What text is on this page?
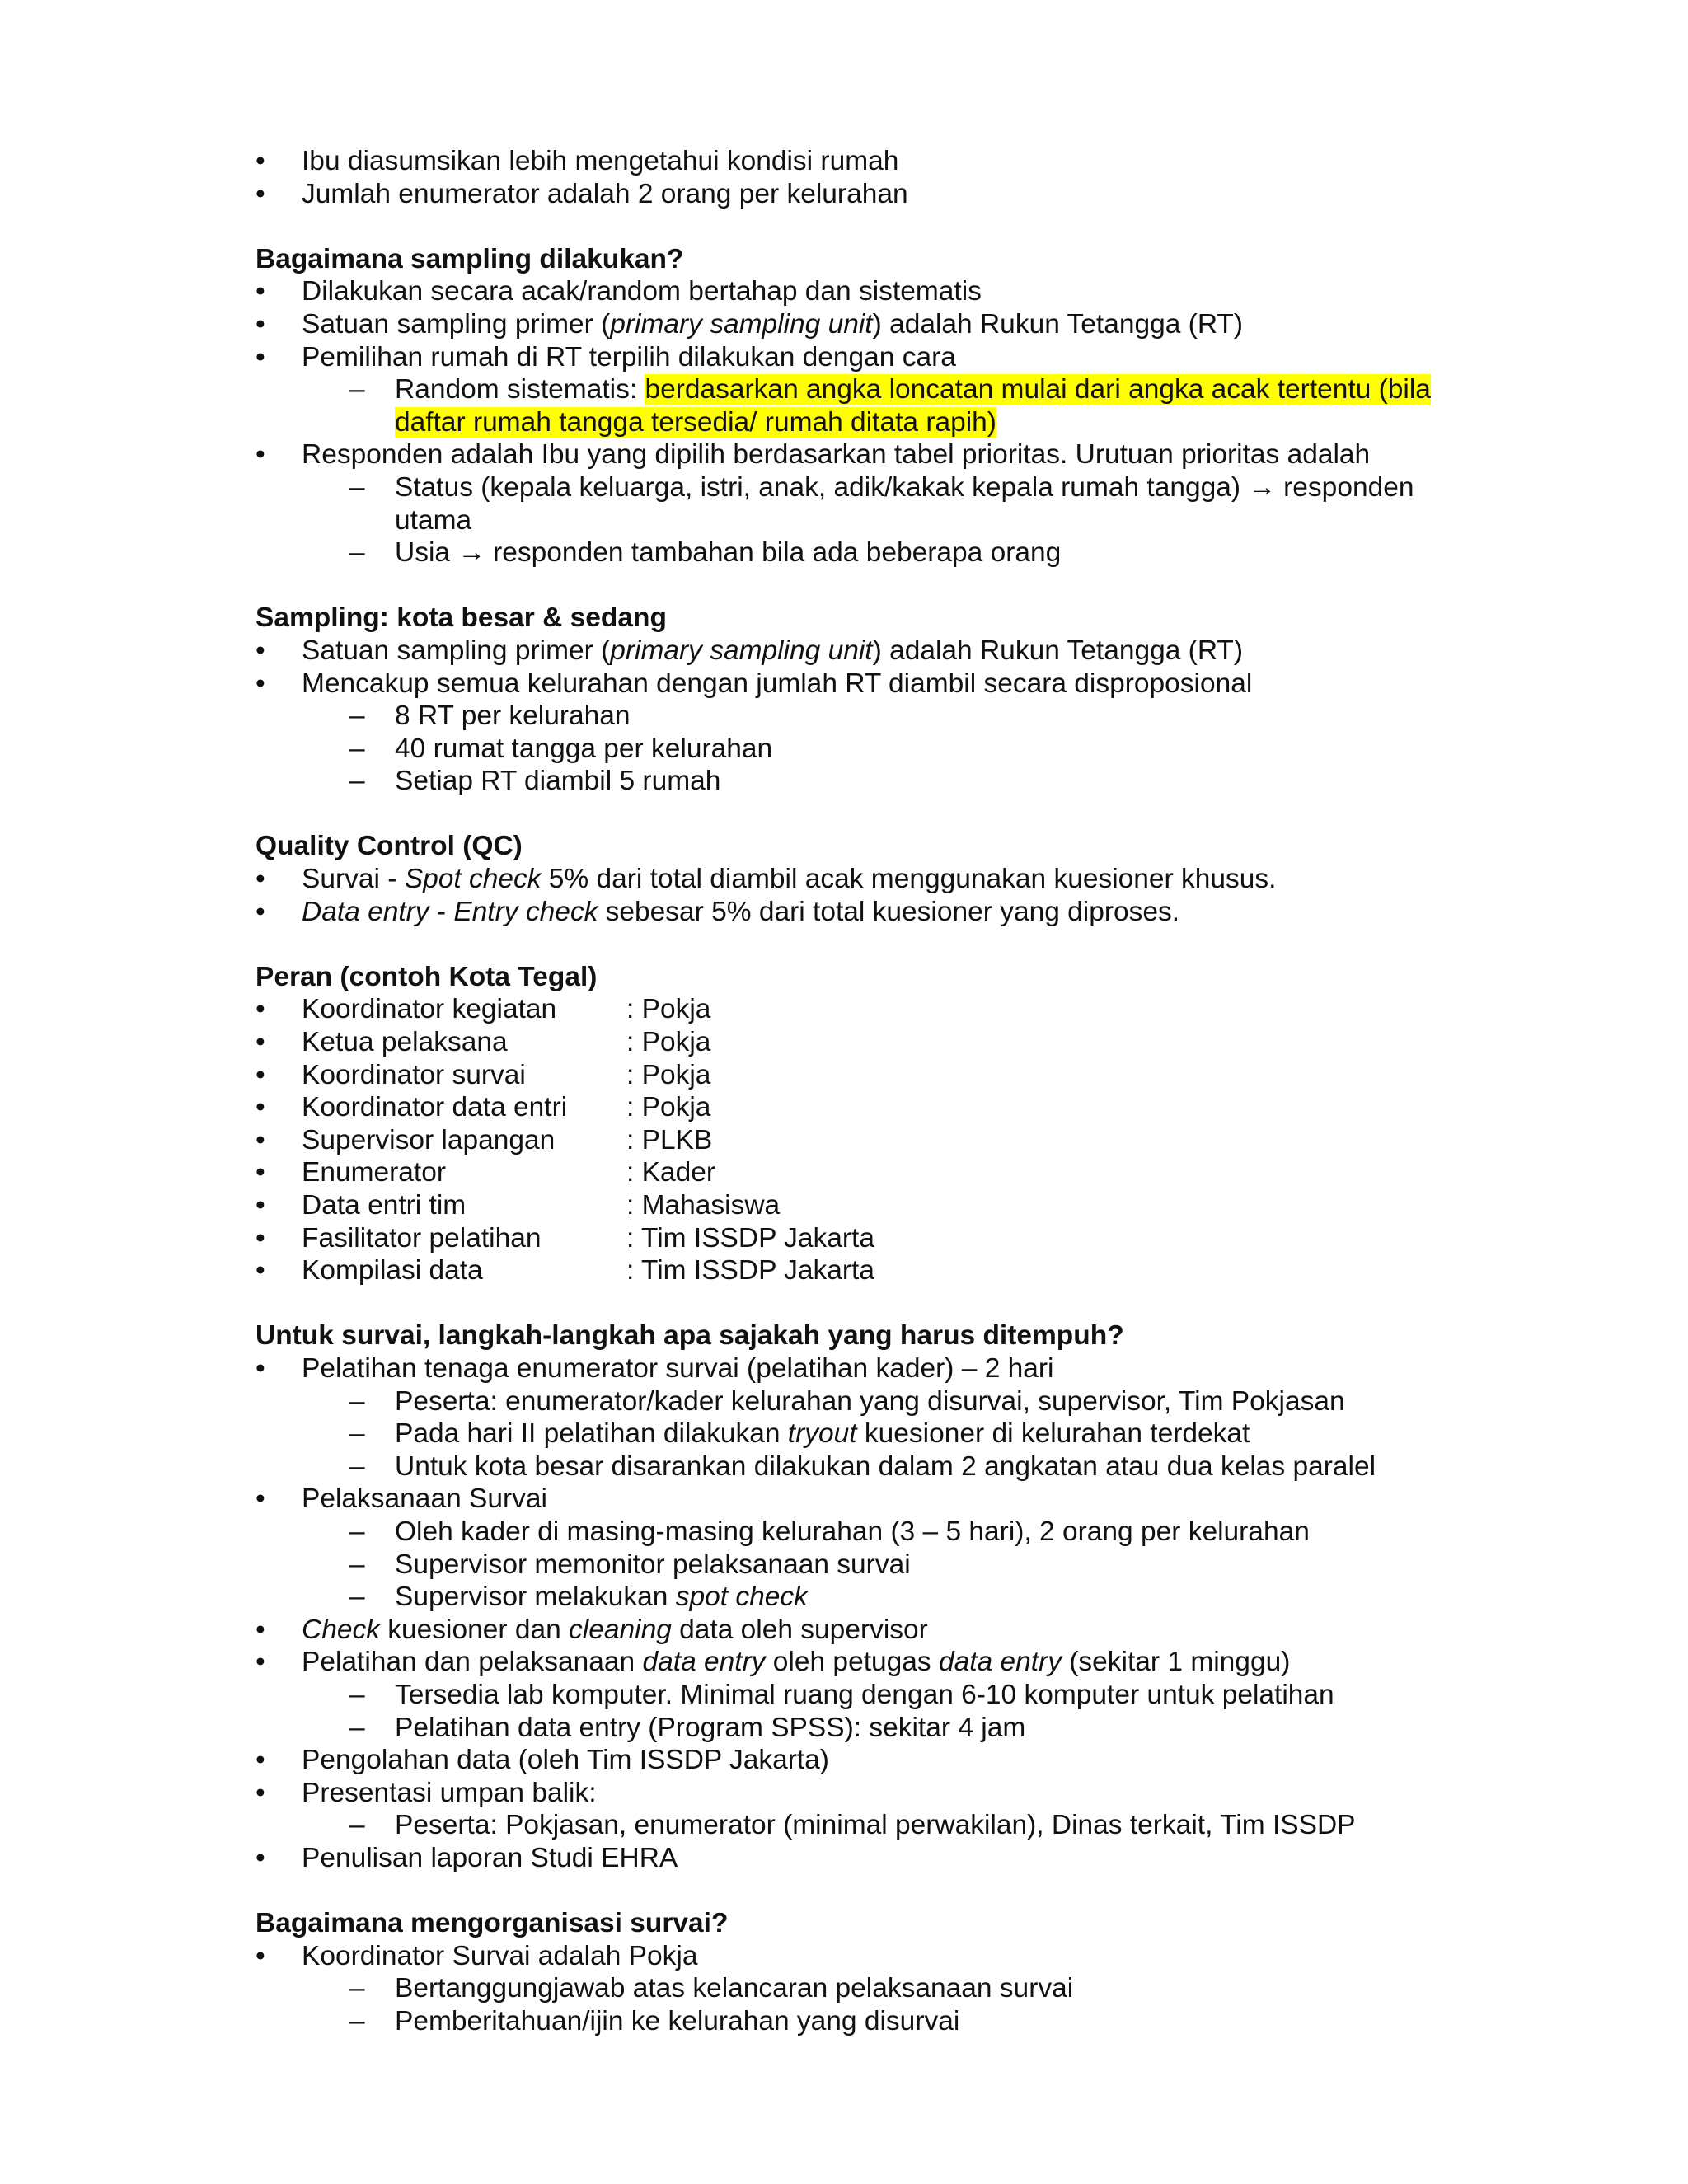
• Ibu diasumsikan lebih mengetahui kondisi rumah
• Jumlah enumerator adalah 2 orang per kelurahan
Bagaimana sampling dilakukan?
• Dilakukan secara acak/random bertahap dan sistematis
• Satuan sampling primer (primary sampling unit) adalah Rukun Tetangga (RT)
• Pemilihan rumah di RT terpilih dilakukan dengan cara
– Random sistematis: berdasarkan angka loncatan mulai dari angka acak tertentu (bila daftar rumah tangga tersedia/ rumah ditata rapih)
• Responden adalah Ibu yang dipilih berdasarkan tabel prioritas. Urutuan prioritas adalah
– Status (kepala keluarga, istri, anak, adik/kakak kepala rumah tangga) → responden utama
– Usia → responden tambahan bila ada beberapa orang
Sampling: kota besar & sedang
• Satuan sampling primer (primary sampling unit) adalah Rukun Tetangga (RT)
• Mencakup semua kelurahan dengan jumlah RT diambil secara disproposional
– 8 RT per kelurahan
– 40 rumat tangga per kelurahan
– Setiap RT diambil 5 rumah
Quality Control (QC)
• Survai - Spot check 5% dari total diambil acak menggunakan kuesioner khusus.
• Data entry - Entry check sebesar 5% dari total kuesioner yang diproses.
Peran (contoh Kota Tegal)
• Koordinator kegiatan	: Pokja
• Ketua pelaksana	: Pokja
• Koordinator survai	: Pokja
• Koordinator data entri : Pokja
• Supervisor lapangan	: PLKB
• Enumerator	: Kader
• Data entri tim	: Mahasiswa
• Fasilitator pelatihan	: Tim ISSDP Jakarta
• Kompilasi data	: Tim ISSDP Jakarta
Untuk survai, langkah-langkah apa sajakah yang harus ditempuh?
• Pelatihan tenaga enumerator survai (pelatihan kader) – 2 hari
– Peserta: enumerator/kader kelurahan yang disurvai, supervisor, Tim Pokjasan
– Pada hari II pelatihan dilakukan tryout kuesioner di kelurahan terdekat
– Untuk kota besar disarankan dilakukan dalam 2 angkatan atau dua kelas paralel
• Pelaksanaan Survai
– Oleh kader di masing-masing kelurahan (3 – 5 hari), 2 orang per kelurahan
– Supervisor memonitor pelaksanaan survai
– Supervisor melakukan spot check
• Check kuesioner dan cleaning data oleh supervisor
• Pelatihan dan pelaksanaan data entry oleh petugas data entry (sekitar 1 minggu)
– Tersedia lab komputer. Minimal ruang dengan 6-10 komputer untuk pelatihan
– Pelatihan data entry (Program SPSS): sekitar 4 jam
• Pengolahan data (oleh Tim ISSDP Jakarta)
• Presentasi umpan balik:
– Peserta: Pokjasan, enumerator (minimal perwakilan), Dinas terkait, Tim ISSDP
• Penulisan laporan Studi EHRA
Bagaimana mengorganisasi survai?
• Koordinator Survai adalah Pokja
– Bertanggungjawab atas kelancaran pelaksanaan survai
– Pemberitahuan/ijin ke kelurahan yang disurvai
